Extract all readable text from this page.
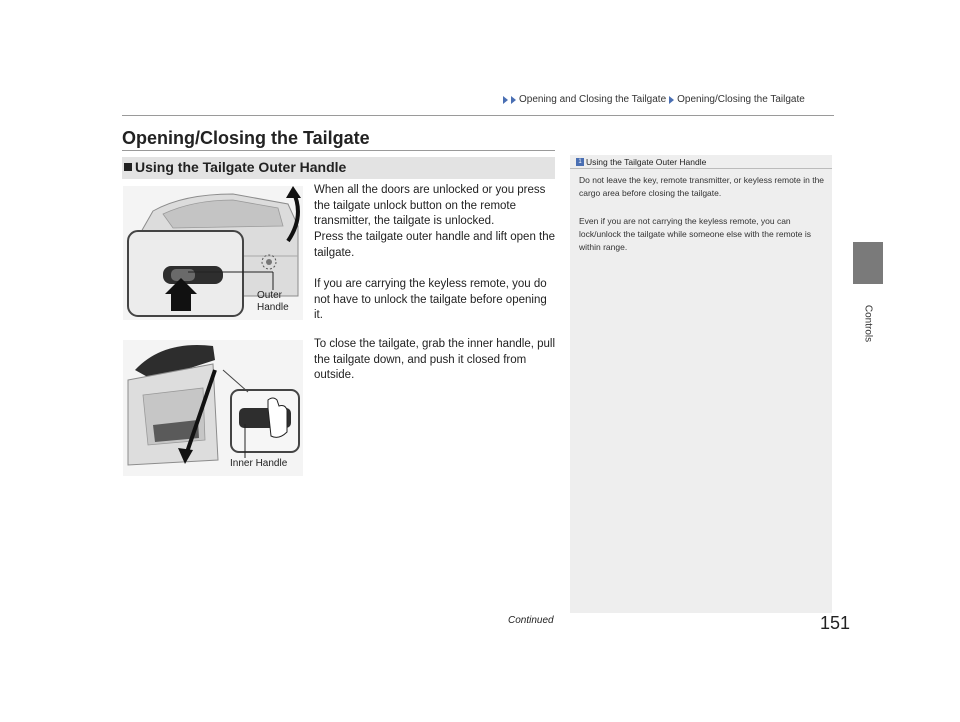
Opening and Closing the Tailgate Opening/Closing the Tailgate
Controls
Opening/Closing the Tailgate
Using the Tailgate Outer Handle
Outer Handle
Inner Handle
When all the doors are unlocked or you press the tailgate unlock button on the remote transmitter, the tailgate is unlocked.
Press the tailgate outer handle and lift open the tailgate.
If you are carrying the keyless remote, you do not have to unlock the tailgate before opening it.
To close the tailgate, grab the inner handle, pull the tailgate down, and push it closed from outside.
1 Using the Tailgate Outer Handle
Do not leave the key, remote transmitter, or keyless remote in the cargo area before closing the tailgate.
Even if you are not carrying the keyless remote, you can lock/unlock the tailgate while someone else with the remote is within range.
Continued	151
